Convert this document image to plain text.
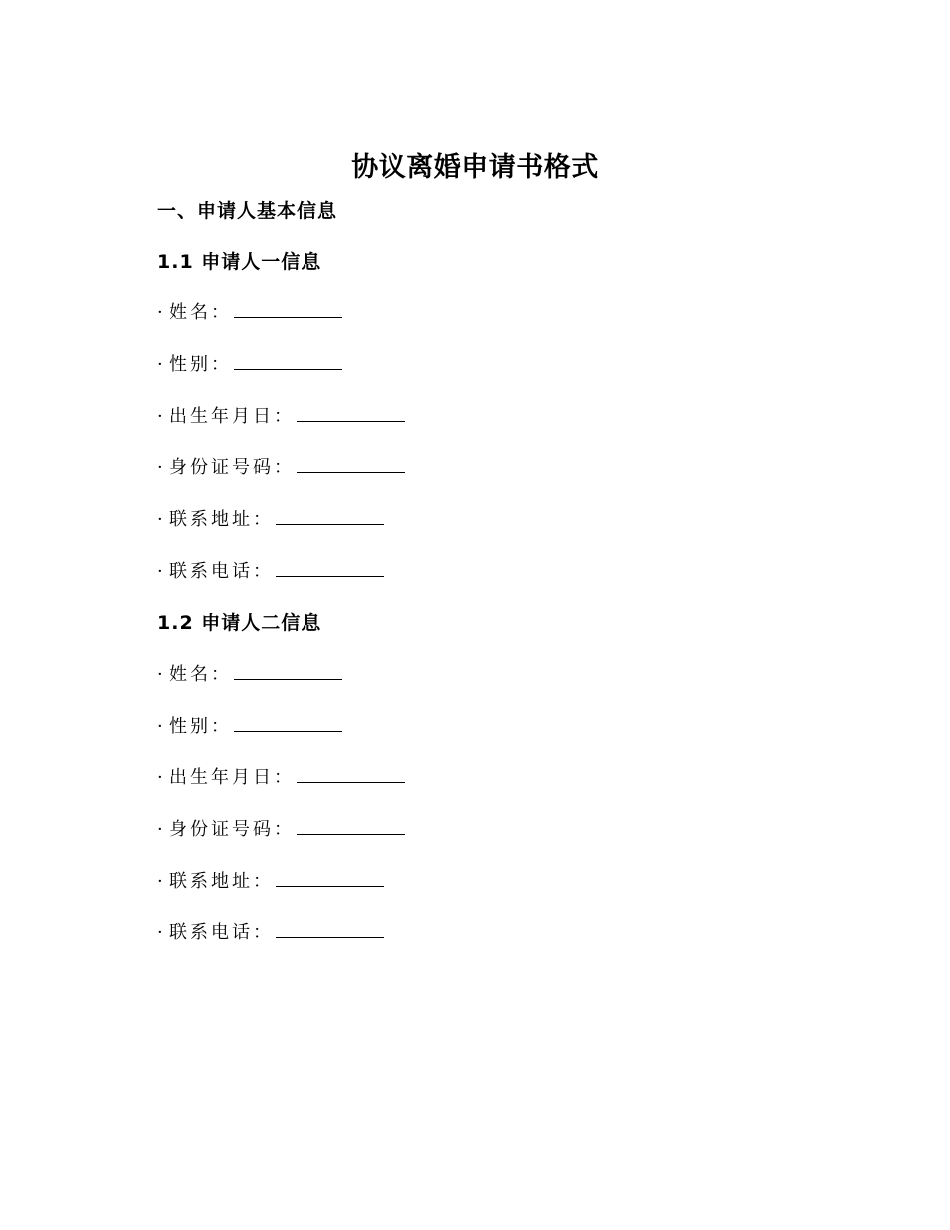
协议离婚申请书格式
一、申请人基本信息
1.1 申请人一信息
· 姓名：
· 性别：
· 出生年月日：
· 身份证号码：
· 联系地址：
· 联系电话：
1.2 申请人二信息
· 姓名：
· 性别：
· 出生年月日：
· 身份证号码：
· 联系地址：
· 联系电话：
